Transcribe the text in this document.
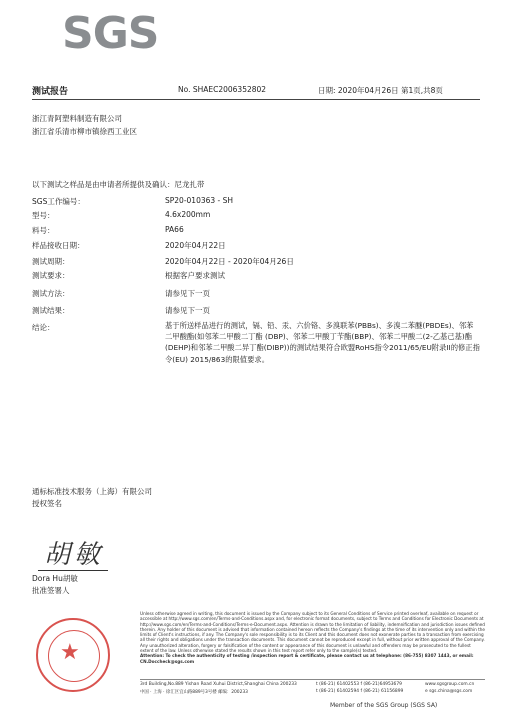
SGS
测试报告	No. SHAEC2006352802	日期: 2020年04月26日 第1页,共8页
浙江青阿塑料制造有限公司
浙江省乐清市柳市镇徐西工业区
以下测试之样品是由申请者所提供及确认：尼龙扎带
SGS工作编号：	SP20-010363 - SH
型号：	4.6x200mm
料号：	PA66
样品接收日期：	2020年04月22日
测试周期：	2020年04月22日 - 2020年04月26日
测试要求：	根据客户要求测试
测试方法：	请参见下一页
测试结果：	请参见下一页
结论：	基于所送样品进行的测试，镉、铅、汞、六价铬、多溴联苯(PBBs)、多溴二苯醚(PBDEs)、邻苯二甲酸酯(如邻苯二甲酸二丁酯 (DBP)、邻苯二甲酸丁苄酯(BBP)、邻苯二甲酸二(2-乙基己基)酯(DEHP)和邻苯二甲酸二异丁酯(DIBP))的测试结果符合欧盟RoHS指令2011/65/EU附录II的修正指令(EU) 2015/863的限值要求。
通标标准技术服务（上海）有限公司
授权签名
胡敏
Dora Hu胡敏
批准签署人
★
Unless otherwise agreed in writing, this document is issued by the Company subject to its General Conditions of Service printed overleaf, available on request or accessible at http://www.sgs.com/en/Terms-and-Conditions.aspx and, for electronic format documents, subject to Terms and Conditions for Electronic Documents at http://www.sgs.com/en/Terms-and-Conditions/Terms-e-Document.aspx. Attention is drawn to the limitation of liability, indemnification and jurisdiction issues defined therein. Any holder of this document is advised that information contained hereon reflects the Company's findings at the time of its intervention only and within the limits of Client's instructions, if any. The Company's sole responsibility is to its Client and this document does not exonerate parties to a transaction from exercising all their rights and obligations under the transaction documents. This document cannot be reproduced except in full, without prior written approval of the Company. Any unauthorized alteration, forgery or falsification of the content or appearance of this document is unlawful and offenders may be prosecuted to the fullest extent of the law. Unless otherwise stated the results shown in this test report refer only to the sample(s) tested.
Attention: To check the authenticity of testing /inspection report & certificate, please contact us at telephone: (86-755) 8307 1443, or email: CN.Doccheck@sgs.com
3rd Building,No.889 Yishan Road Xuhui District,Shanghai China 200233	t (86-21) 61402553 f (86-21)64953679	www.sgsgroup.com.cn
中国 · 上海 · 徐汇区宜山路889号3号楼 邮编：200233	t (86-21) 61402594 f (86-21) 61156899	e sgs.china@sgs.com
Member of the SGS Group (SGS SA)
